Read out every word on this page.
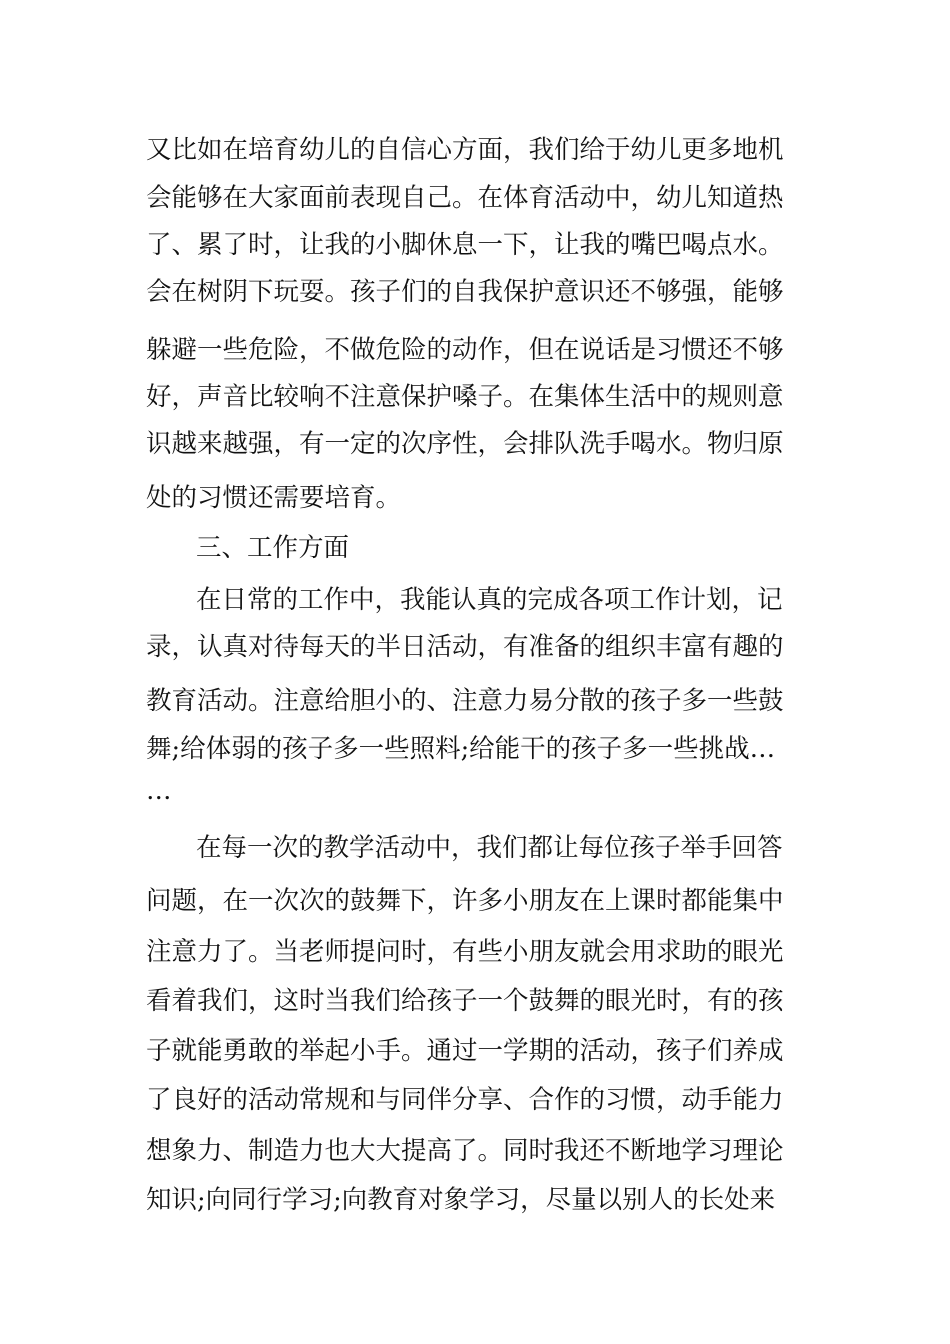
又比如在培育幼儿的自信心方面，我们给于幼儿更多地机
会能够在大家面前表现自己。在体育活动中，幼儿知道热
了、累了时，让我的小脚休息一下，让我的嘴巴喝点水。
会在树阴下玩耍。孩子们的自我保护意识还不够强，能够
躲避一些危险，不做危险的动作，但在说话是习惯还不够
好，声音比较响不注意保护嗓子。在集体生活中的规则意
识越来越强，有一定的次序性，会排队洗手喝水。物归原
处的习惯还需要培育。
三、工作方面
在日常的工作中，我能认真的完成各项工作计划，记
录，认真对待每天的半日活动，有准备的组织丰富有趣的
教育活动。注意给胆小的、注意力易分散的孩子多一些鼓
舞;给体弱的孩子多一些照料;给能干的孩子多一些挑战…
…
在每一次的教学活动中，我们都让每位孩子举手回答
问题，在一次次的鼓舞下，许多小朋友在上课时都能集中
注意力了。当老师提问时，有些小朋友就会用求助的眼光
看着我们，这时当我们给孩子一个鼓舞的眼光时，有的孩
子就能勇敢的举起小手。通过一学期的活动，孩子们养成
了良好的活动常规和与同伴分享、合作的习惯，动手能力
想象力、制造力也大大提高了。同时我还不断地学习理论
知识;向同行学习;向教育对象学习，尽量以别人的长处来
